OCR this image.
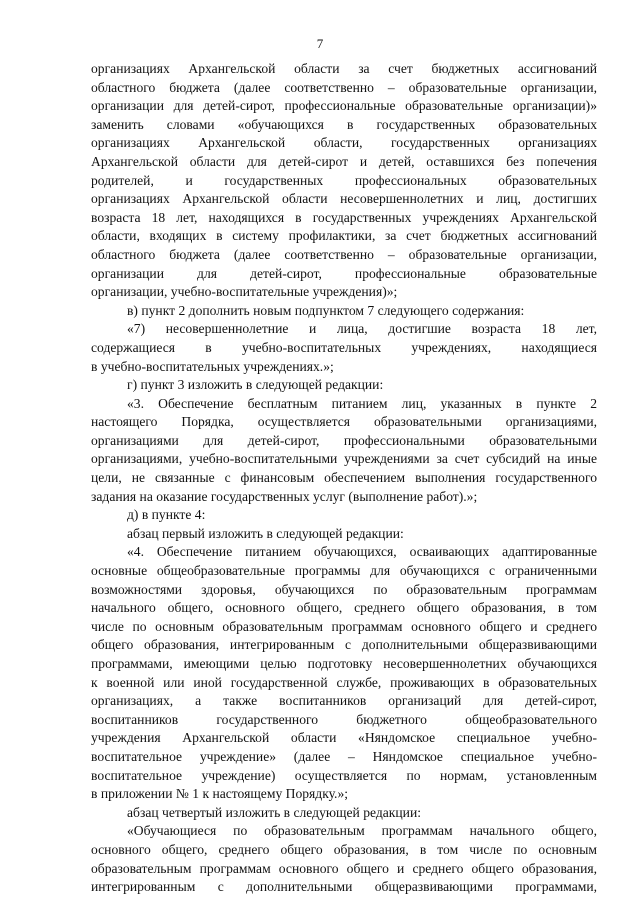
7
организациях Архангельской области за счет бюджетных ассигнований
областного бюджета (далее соответственно – образовательные организации,
организации для детей-сирот, профессиональные образовательные организации)»
заменить словами «обучающихся в государственных образовательных
организациях Архангельской области, государственных организациях
Архангельской области для детей-сирот и детей, оставшихся без попечения
родителей, и государственных профессиональных образовательных
организациях Архангельской области несовершеннолетних и лиц, достигших
возраста 18 лет, находящихся в государственных учреждениях Архангельской
области, входящих в систему профилактики, за счет бюджетных ассигнований
областного бюджета (далее соответственно – образовательные организации,
организации для детей-сирот, профессиональные образовательные
организации, учебно-воспитательные учреждения)»;
в) пункт 2 дополнить новым подпунктом 7 следующего содержания:
«7) несовершеннолетние и лица, достигшие возраста 18 лет,
содержащиеся в учебно-воспитательных учреждениях, находящиеся
в учебно-воспитательных учреждениях.»;
г) пункт 3 изложить в следующей редакции:
«3. Обеспечение бесплатным питанием лиц, указанных в пункте 2
настоящего Порядка, осуществляется образовательными организациями,
организациями для детей-сирот, профессиональными образовательными
организациями, учебно-воспитательными учреждениями за счет субсидий на иные
цели, не связанные с финансовым обеспечением выполнения государственного
задания на оказание государственных услуг (выполнение работ).»;
д) в пункте 4:
абзац первый изложить в следующей редакции:
«4. Обеспечение питанием обучающихся, осваивающих адаптированные
основные общеобразовательные программы для обучающихся с ограниченными
возможностями здоровья, обучающихся по образовательным программам
начального общего, основного общего, среднего общего образования, в том
числе по основным образовательным программам основного общего и среднего
общего образования, интегрированным с дополнительными общеразвивающими
программами, имеющими целью подготовку несовершеннолетних обучающихся
к военной или иной государственной службе, проживающих в образовательных
организациях, а также воспитанников организаций для детей-сирот,
воспитанников государственного бюджетного общеобразовательного
учреждения Архангельской области «Няндомское специальное учебно-
воспитательное учреждение» (далее – Няндомское специальное учебно-
воспитательное учреждение) осуществляется по нормам, установленным
в приложении № 1 к настоящему Порядку.»;
абзац четвертый изложить в следующей редакции:
«Обучающиеся по образовательным программам начального общего,
основного общего, среднего общего образования, в том числе по основным
образовательным программам основного общего и среднего общего образования,
интегрированным с дополнительными общеразвивающими программами,
